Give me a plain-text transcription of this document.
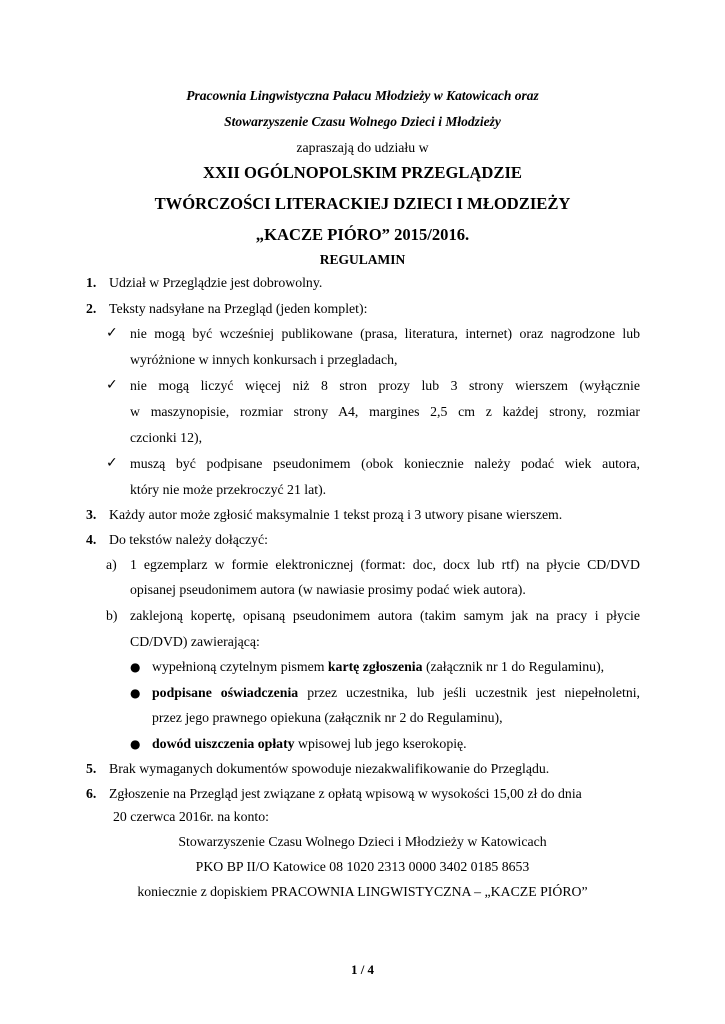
Pracownia Lingwistyczna Pałacu Młodzieży w Katowicach oraz
Stowarzyszenie Czasu Wolnego Dzieci i Młodzieży
zapraszają do udziału w
XXII OGÓLNOPOLSKIM PRZEGLĄDZIE
TWÓRCZOŚCI LITERACKIEJ DZIECI I MŁODZIEŻY
„KACZE PIÓRO” 2015/2016.
REGULAMIN
1. Udział w Przeglądzie jest dobrowolny.
2. Teksty nadsyłane na Przegląd (jeden komplet):
✓ nie mogą być wcześniej publikowane (prasa, literatura, internet) oraz nagrodzone lub
wyróżnione w innych konkursach i przegladach,
✓ nie mogą liczyć więcej niż 8 stron prozy lub 3 strony wierszem (wyłącznie
w maszynopisie, rozmiar strony A4, margines 2,5 cm z każdej strony, rozmiar
czcionki 12),
✓ muszą być podpisane pseudonimem (obok koniecznie należy podać wiek autora,
który nie może przekroczyć 21 lat).
3. Każdy autor może zgłosić maksymalnie 1 tekst prozą i 3 utwory pisane wierszem.
4. Do tekstów należy dołączyć:
a) 1 egzemplarz w formie elektronicznej (format: doc, docx lub rtf) na płycie CD/DVD
opisanej pseudonimem autora (w nawiasie prosimy podać wiek autora).
b) zaklejoną kopertę, opisaną pseudonimem autora (takim samym jak na pracy i płycie
CD/DVD) zawierającą:
● wypełnioną czytelnym pismem kartę zgłoszenia (załącznik nr 1 do Regulaminu),
● podpisane oświadczenia przez uczestnika, lub jeśli uczestnik jest niepełnoletni,
przez jego prawnego opiekuna (załącznik nr 2 do Regulaminu),
● dowód uiszczenia opłaty wpisowej lub jego kserokopię.
5. Brak wymaganych dokumentów spowoduje niezakwalifikowanie do Przeglądu.
6. Zgłoszenie na Przegląd jest związane z opłatą wpisową w wysokości 15,00 zł do dnia
20 czerwca 2016r. na konto:
Stowarzyszenie Czasu Wolnego Dzieci i Młodzieży w Katowicach
PKO BP II/O Katowice 08 1020 2313 0000 3402 0185 8653
koniecznie z dopiskiem PRACOWNIA LINGWISTYCZNA – „KACZE PIÓRO”
1 / 4
